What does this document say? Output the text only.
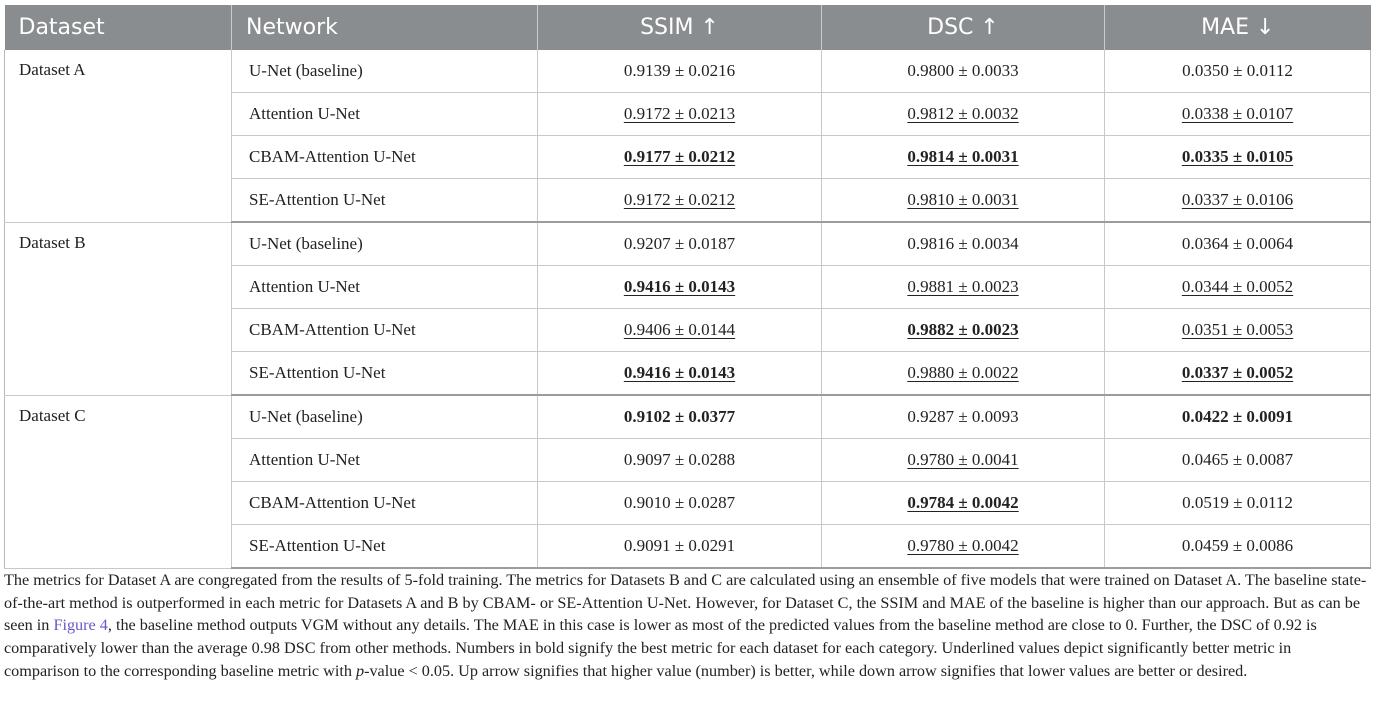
Dataset	Network	SSIM ↑	DSC ↑	MAE ↓
Dataset A	U-Net (baseline)	0.9139 ± 0.0216	0.9800 ± 0.0033	0.0350 ± 0.0112
	Attention U-Net	0.9172 ± 0.0213	0.9812 ± 0.0032	0.0338 ± 0.0107
	CBAM-Attention U-Net	0.9177 ± 0.0212	0.9814 ± 0.0031	0.0335 ± 0.0105
	SE-Attention U-Net	0.9172 ± 0.0212	0.9810 ± 0.0031	0.0337 ± 0.0106
Dataset B	U-Net (baseline)	0.9207 ± 0.0187	0.9816 ± 0.0034	0.0364 ± 0.0064
	Attention U-Net	0.9416 ± 0.0143	0.9881 ± 0.0023	0.0344 ± 0.0052
	CBAM-Attention U-Net	0.9406 ± 0.0144	0.9882 ± 0.0023	0.0351 ± 0.0053
	SE-Attention U-Net	0.9416 ± 0.0143	0.9880 ± 0.0022	0.0337 ± 0.0052
Dataset C	U-Net (baseline)	0.9102 ± 0.0377	0.9287 ± 0.0093	0.0422 ± 0.0091
	Attention U-Net	0.9097 ± 0.0288	0.9780 ± 0.0041	0.0465 ± 0.0087
	CBAM-Attention U-Net	0.9010 ± 0.0287	0.9784 ± 0.0042	0.0519 ± 0.0112
	SE-Attention U-Net	0.9091 ± 0.0291	0.9780 ± 0.0042	0.0459 ± 0.0086
The metrics for Dataset A are congregated from the results of 5-fold training. The metrics for Datasets B and C are calculated using an ensemble of five models that were trained on Dataset A. The baseline state-of-the-art method is outperformed in each metric for Datasets A and B by CBAM- or SE-Attention U-Net. However, for Dataset C, the SSIM and MAE of the baseline is higher than our approach. But as can be seen in Figure 4, the baseline method outputs VGM without any details. The MAE in this case is lower as most of the predicted values from the baseline method are close to 0. Further, the DSC of 0.92 is comparatively lower than the average 0.98 DSC from other methods. Numbers in bold signify the best metric for each dataset for each category. Underlined values depict significantly better metric in comparison to the corresponding baseline metric with p-value < 0.05. Up arrow signifies that higher value (number) is better, while down arrow signifies that lower values are better or desired.
